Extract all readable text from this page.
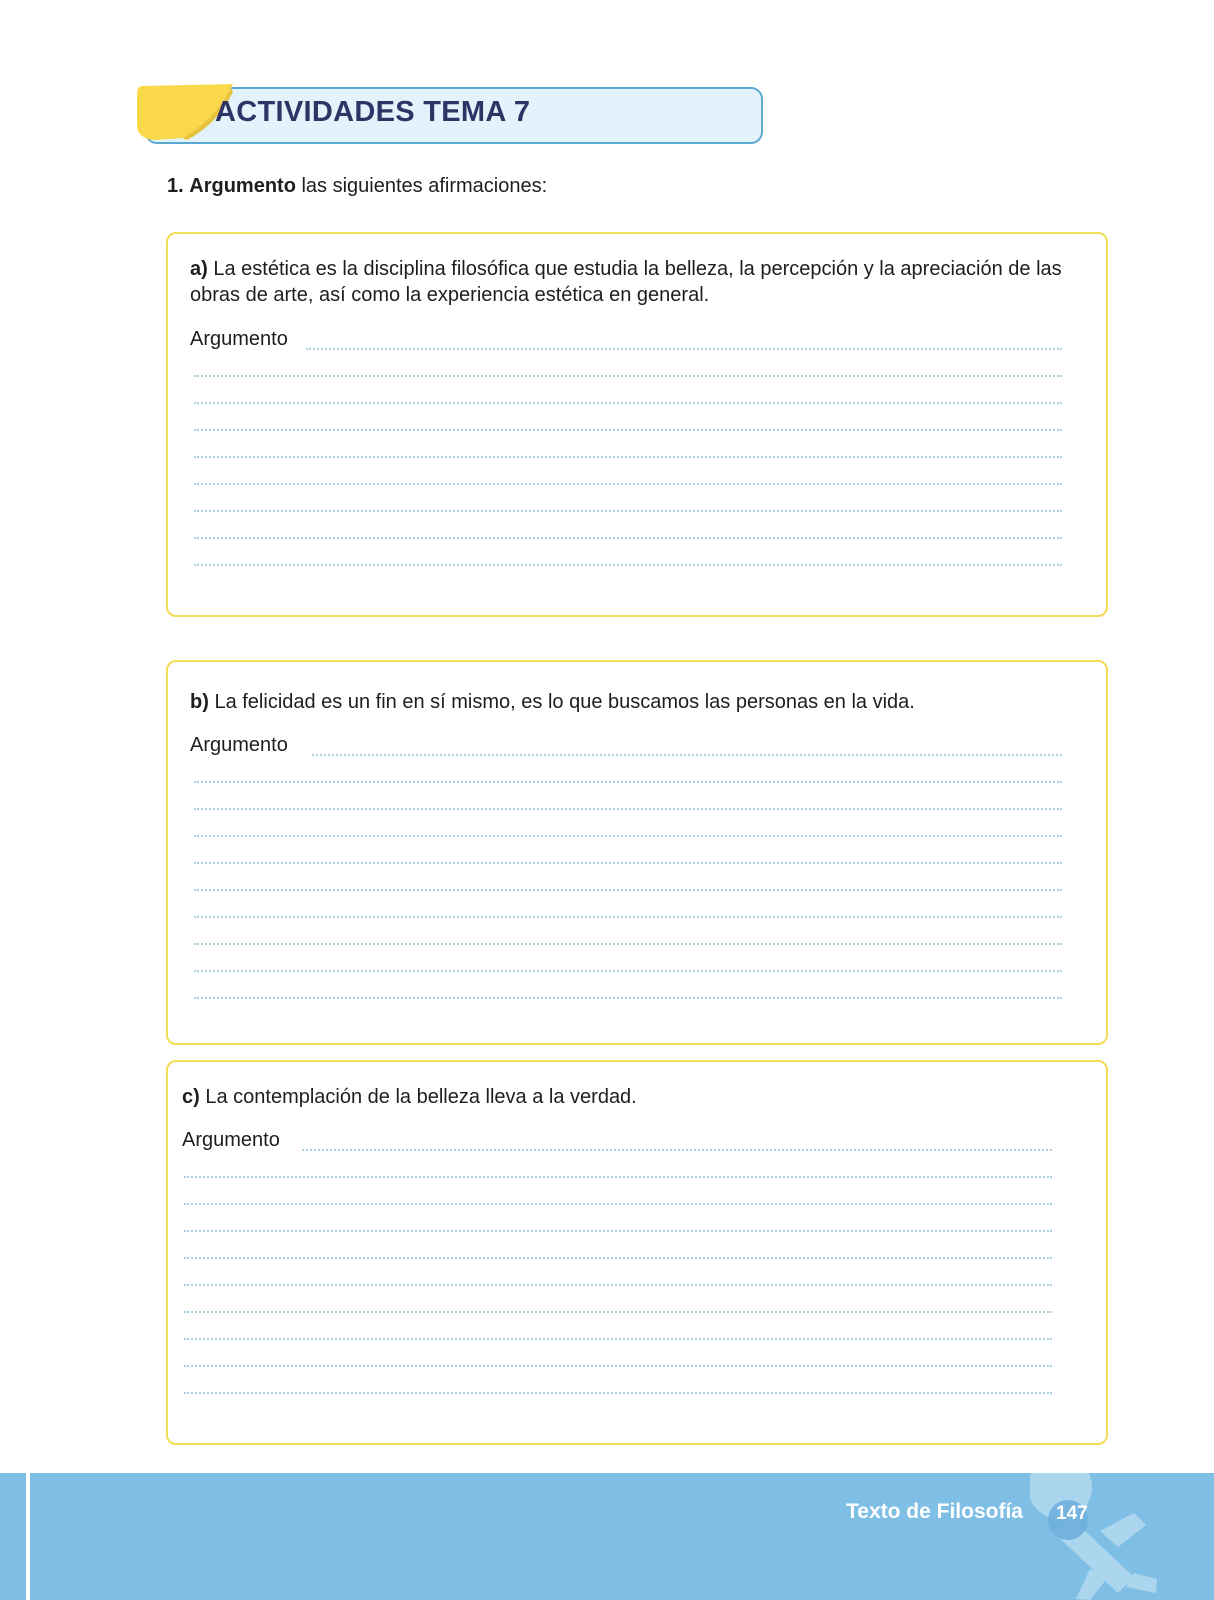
ACTIVIDADES TEMA 7
1. Argumento las siguientes afirmaciones:
a) La estética es la disciplina filosófica que estudia la belleza, la percepción y la apreciación de las obras de arte, así como la experiencia estética en general.
Argumento
b) La felicidad es un fin en sí mismo, es lo que buscamos las personas en la vida.
Argumento
c) La contemplación de la belleza lleva a la verdad.
Argumento
Texto de Filosofía 147
